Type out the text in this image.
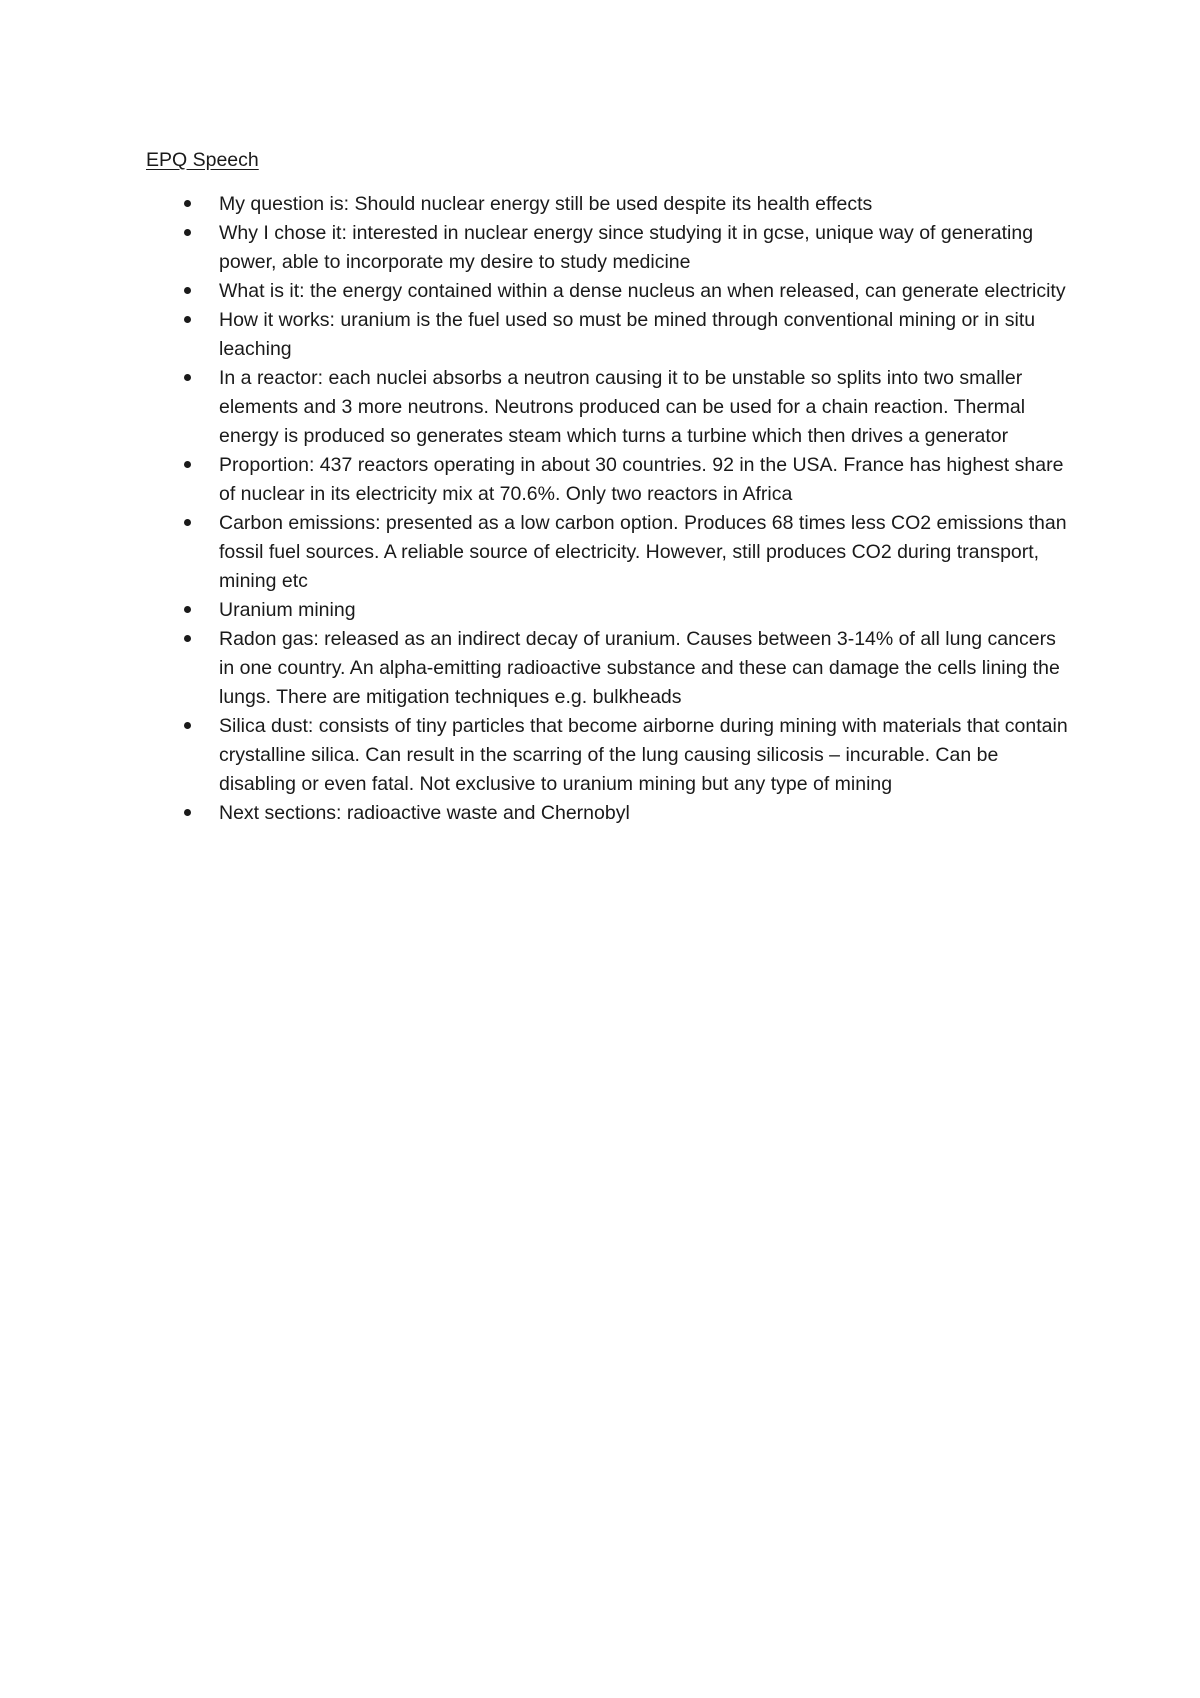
EPQ Speech
My question is: Should nuclear energy still be used despite its health effects
Why I chose it: interested in nuclear energy since studying it in gcse, unique way of generating power, able to incorporate my desire to study medicine
What is it: the energy contained within a dense nucleus an when released, can generate electricity
How it works: uranium is the fuel used so must be mined through conventional mining or in situ leaching
In a reactor: each nuclei absorbs a neutron causing it to be unstable so splits into two smaller elements and 3 more neutrons. Neutrons produced can be used for a chain reaction. Thermal energy is produced so generates steam which turns a turbine which then drives a generator
Proportion: 437 reactors operating in about 30 countries. 92 in the USA. France has highest share of nuclear in its electricity mix at 70.6%. Only two reactors in Africa
Carbon emissions: presented as a low carbon option. Produces 68 times less CO2 emissions than fossil fuel sources. A reliable source of electricity. However, still produces CO2 during transport, mining etc
Uranium mining
Radon gas: released as an indirect decay of uranium. Causes between 3-14% of all lung cancers in one country. An alpha-emitting radioactive substance and these can damage the cells lining the lungs. There are mitigation techniques e.g. bulkheads
Silica dust: consists of tiny particles that become airborne during mining with materials that contain crystalline silica. Can result in the scarring of the lung causing silicosis – incurable. Can be disabling or even fatal. Not exclusive to uranium mining but any type of mining
Next sections: radioactive waste and Chernobyl
